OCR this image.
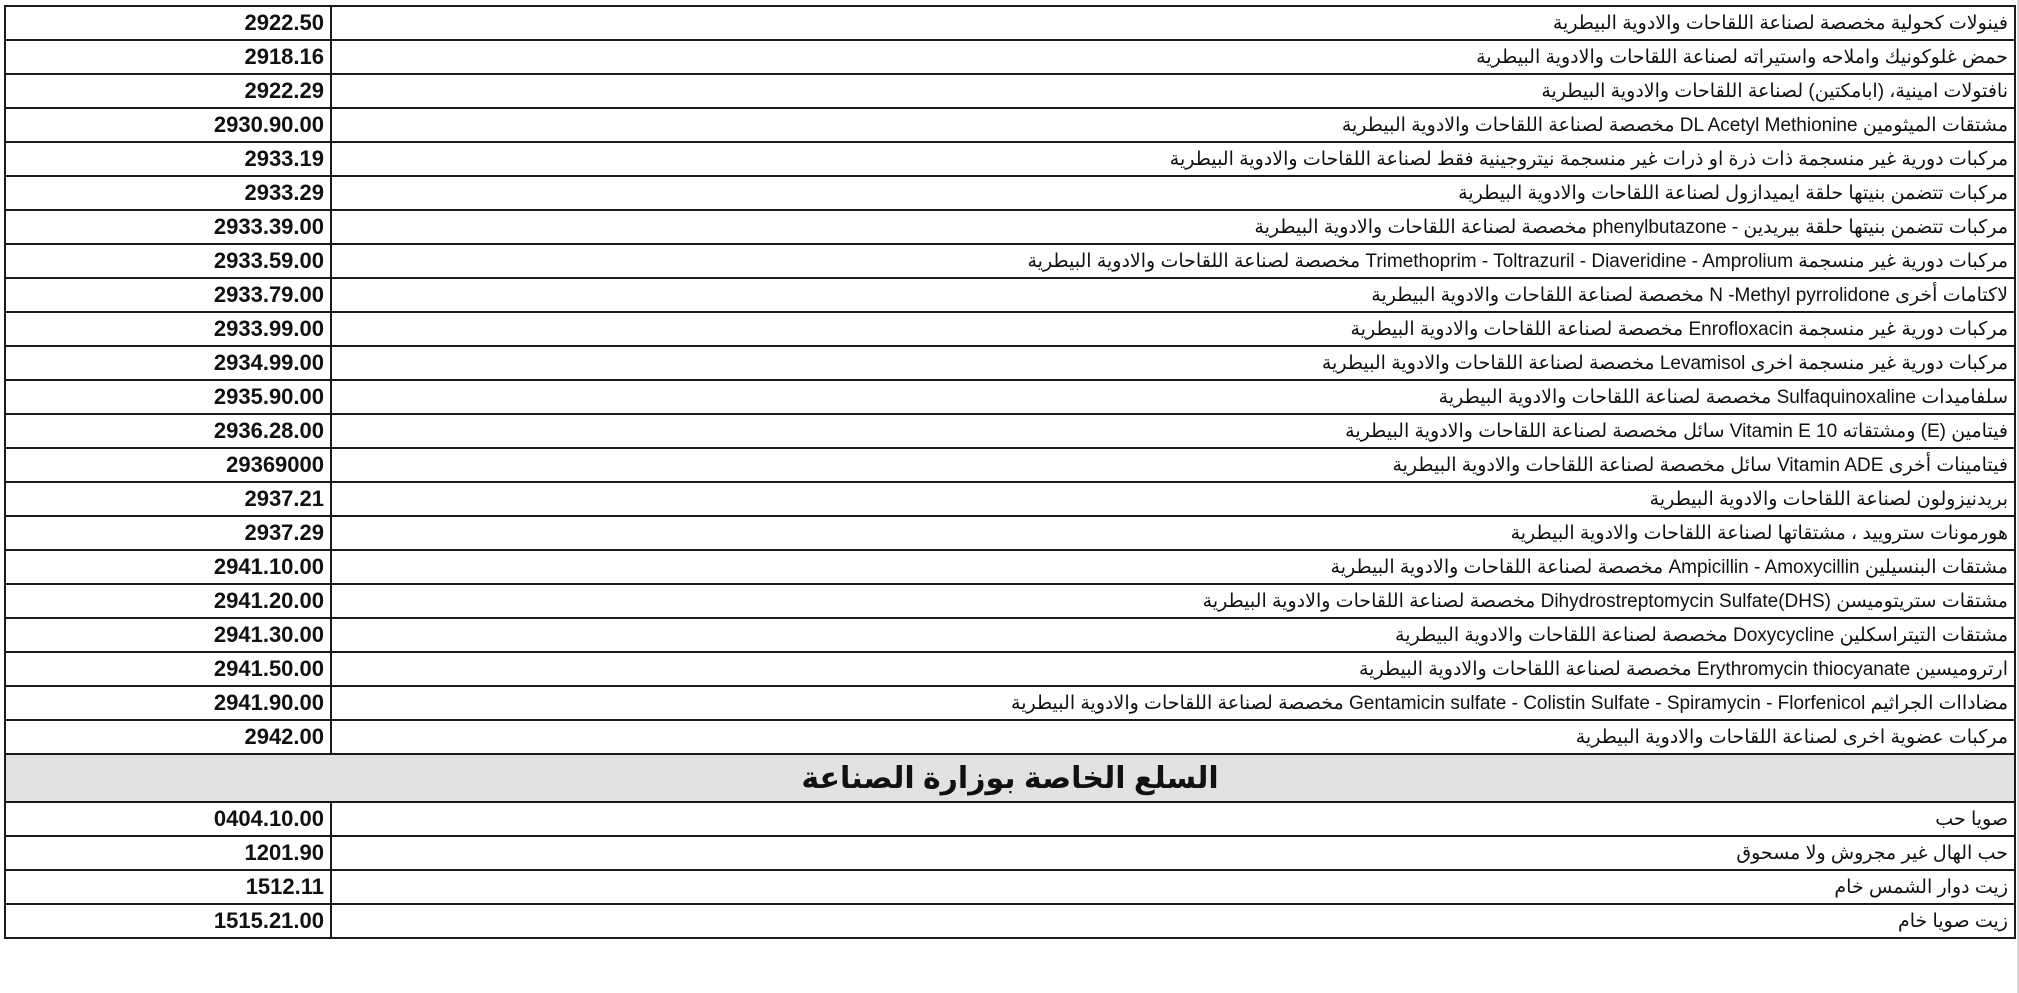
2922.50	فينولات كحولية مخصصة لصناعة اللقاحات والادوية البيطرية
2918.16	حمض غلوكونيك واملاحه واستيراته لصناعة اللقاحات والادوية البيطرية
2922.29	نافتولات امينية، (ابامكتين) لصناعة اللقاحات والادوية البيطرية
2930.90.00	مشتقات الميثومين DL Acetyl Methionine مخصصة لصناعة اللقاحات والادوية البيطرية
2933.19	مركبات دورية غير منسجمة ذات ذرة او ذرات غير منسجمة نيتروجينية فقط لصناعة اللقاحات والادوية البيطرية
2933.29	مركبات تتضمن بنيتها حلقة ايميدازول لصناعة اللقاحات والادوية البيطرية
2933.39.00	مركبات تتضمن بنيتها حلقة بيريدين - phenylbutazone مخصصة لصناعة اللقاحات والادوية البيطرية
2933.59.00	مركبات دورية غير منسجمة Trimethoprim - Toltrazuril - Diaveridine - Amprolium مخصصة لصناعة اللقاحات والادوية البيطرية
2933.79.00	لاكتامات أخرى N -Methyl pyrrolidone مخصصة لصناعة اللقاحات والادوية البيطرية
2933.99.00	مركبات دورية غير منسجمة Enrofloxacin مخصصة لصناعة اللقاحات والادوية البيطرية
2934.99.00	مركبات دورية غير منسجمة اخرى Levamisol مخصصة لصناعة اللقاحات والادوية البيطرية
2935.90.00	سلفاميدات Sulfaquinoxaline مخصصة لصناعة اللقاحات والادوية البيطرية
2936.28.00	فيتامين (E) ومشتقاته Vitamin E 10 سائل مخصصة لصناعة اللقاحات والادوية البيطرية
29369000	فيتامينات أخرى Vitamin ADE سائل مخصصة لصناعة اللقاحات والادوية البيطرية
2937.21	بريدنيزولون لصناعة اللقاحات والادوية البيطرية
2937.29	هورمونات ستروييد ، مشتقاتها لصناعة اللقاحات والادوية البيطرية
2941.10.00	مشتقات البنسيلين Ampicillin - Amoxycillin مخصصة لصناعة اللقاحات والادوية البيطرية
2941.20.00	مشتقات ستريتوميسن (DHS)Dihydrostreptomycin Sulfate مخصصة لصناعة اللقاحات والادوية البيطرية
2941.30.00	مشتقات التيتراسكلين Doxycycline مخصصة لصناعة اللقاحات والادوية البيطرية
2941.50.00	ارترومیسين Erythromycin thiocyanate مخصصة لصناعة اللقاحات والادوية البيطرية
2941.90.00	مضاداات الجراثيم Gentamicin sulfate - Colistin Sulfate - Spiramycin - Florfenicol مخصصة لصناعة اللقاحات والادوية البيطرية
2942.00	مركبات عضوية اخرى لصناعة اللقاحات والادوية البيطرية
السلع الخاصة بوزارة الصناعة	
0404.10.00	صويا حب
1201.90	حب الهال غير مجروش ولا مسحوق
1512.11	زيت دوار الشمس خام
1515.21.00	زيت صويا خام
